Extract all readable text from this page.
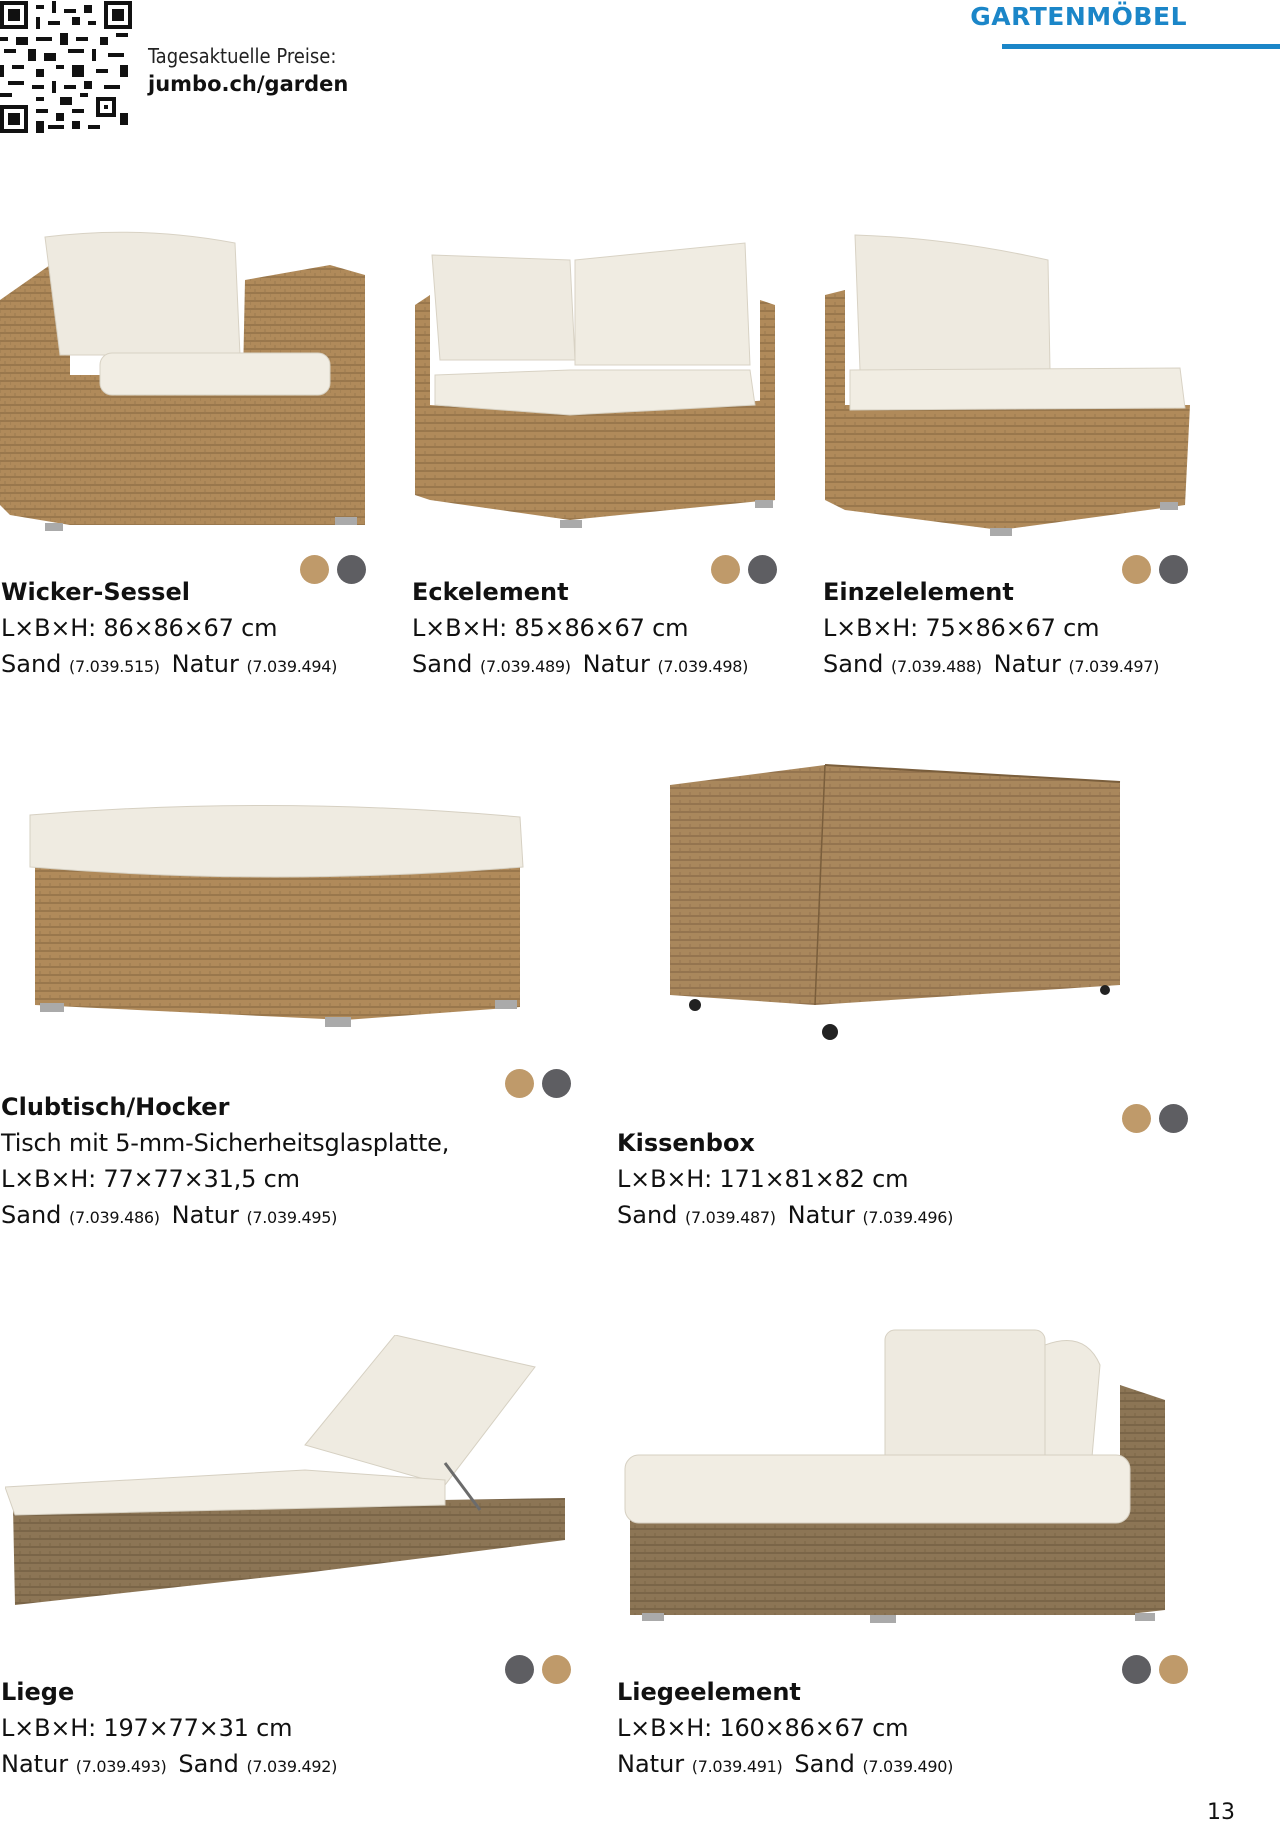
Tagesaktuelle Preise:
jumbo.ch/garden
GARTENMÖBEL
Wicker-Sessel
L×B×H: 86×86×67 cm
Sand (7.039.515) Natur (7.039.494)
Eckelement
L×B×H: 85×86×67 cm
Sand (7.039.489) Natur (7.039.498)
Einzelelement
L×B×H: 75×86×67 cm
Sand (7.039.488) Natur (7.039.497)
Clubtisch/Hocker
Tisch mit 5-mm-Sicherheitsglasplatte,
L×B×H: 77×77×31,5 cm
Sand (7.039.486) Natur (7.039.495)
Kissenbox
L×B×H: 171×81×82 cm
Sand (7.039.487) Natur (7.039.496)
Liege
L×B×H: 197×77×31 cm
Natur (7.039.493) Sand (7.039.492)
Liegeelement
L×B×H: 160×86×67 cm
Natur (7.039.491) Sand (7.039.490)
13
